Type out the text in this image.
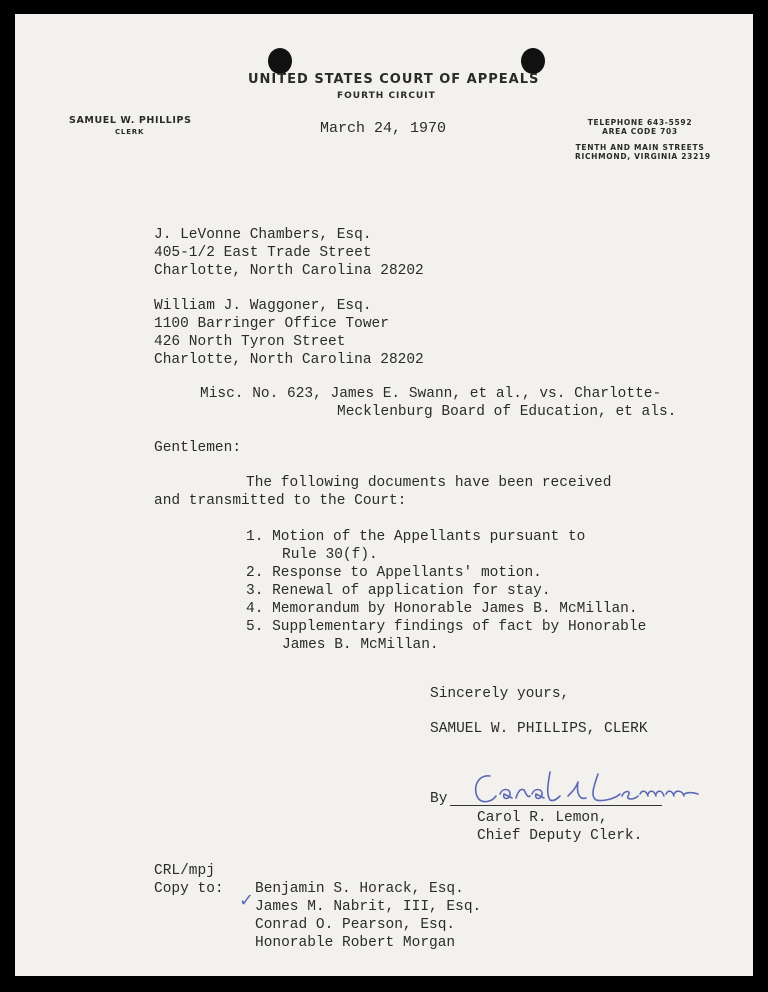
UNITED STATES COURT OF APPEALS
FOURTH CIRCUIT
SAMUEL W. PHILLIPS
CLERK
TELEPHONE 643-5592
AREA CODE 703
TENTH AND MAIN STREETS
RICHMOND, VIRGINIA 23219
March 24, 1970
J. LeVonne Chambers, Esq.
405-1/2 East Trade Street
Charlotte, North Carolina 28202
William J. Waggoner, Esq.
1100 Barringer Office Tower
426 North Tyron Street
Charlotte, North Carolina 28202
Misc. No. 623, James E. Swann, et al., vs. Charlotte-
Mecklenburg Board of Education, et als.
Gentlemen:
The following documents have been received
and transmitted to the Court:
1. Motion of the Appellants pursuant to
Rule 30(f).
2. Response to Appellants' motion.
3. Renewal of application for stay.
4. Memorandum by Honorable James B. McMillan.
5. Supplementary findings of fact by Honorable
James B. McMillan.
Sincerely yours,
SAMUEL W. PHILLIPS, CLERK
By
Carol R. Lemon,
Chief Deputy Clerk.
CRL/mpj
Copy to: Benjamin S. Horack, Esq.
James M. Nabrit, III, Esq.
Conrad O. Pearson, Esq.
Honorable Robert Morgan
✓
